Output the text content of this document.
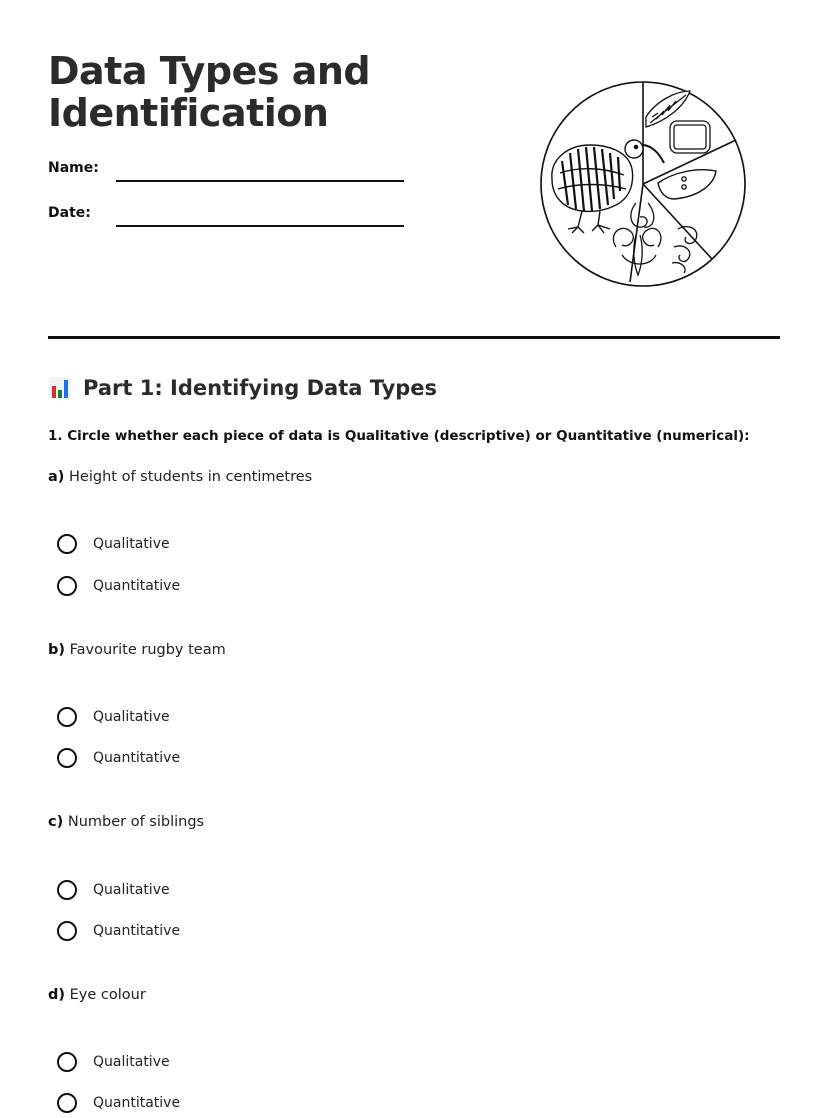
Data Types and
Identification
Name:
Date:
Part 1: Identifying Data Types
1. Circle whether each piece of data is Qualitative (descriptive) or Quantitative (numerical):
a) Height of students in centimetres
Qualitative
Quantitative
b) Favourite rugby team
Qualitative
Quantitative
c) Number of siblings
Qualitative
Quantitative
d) Eye colour
Qualitative
Quantitative
